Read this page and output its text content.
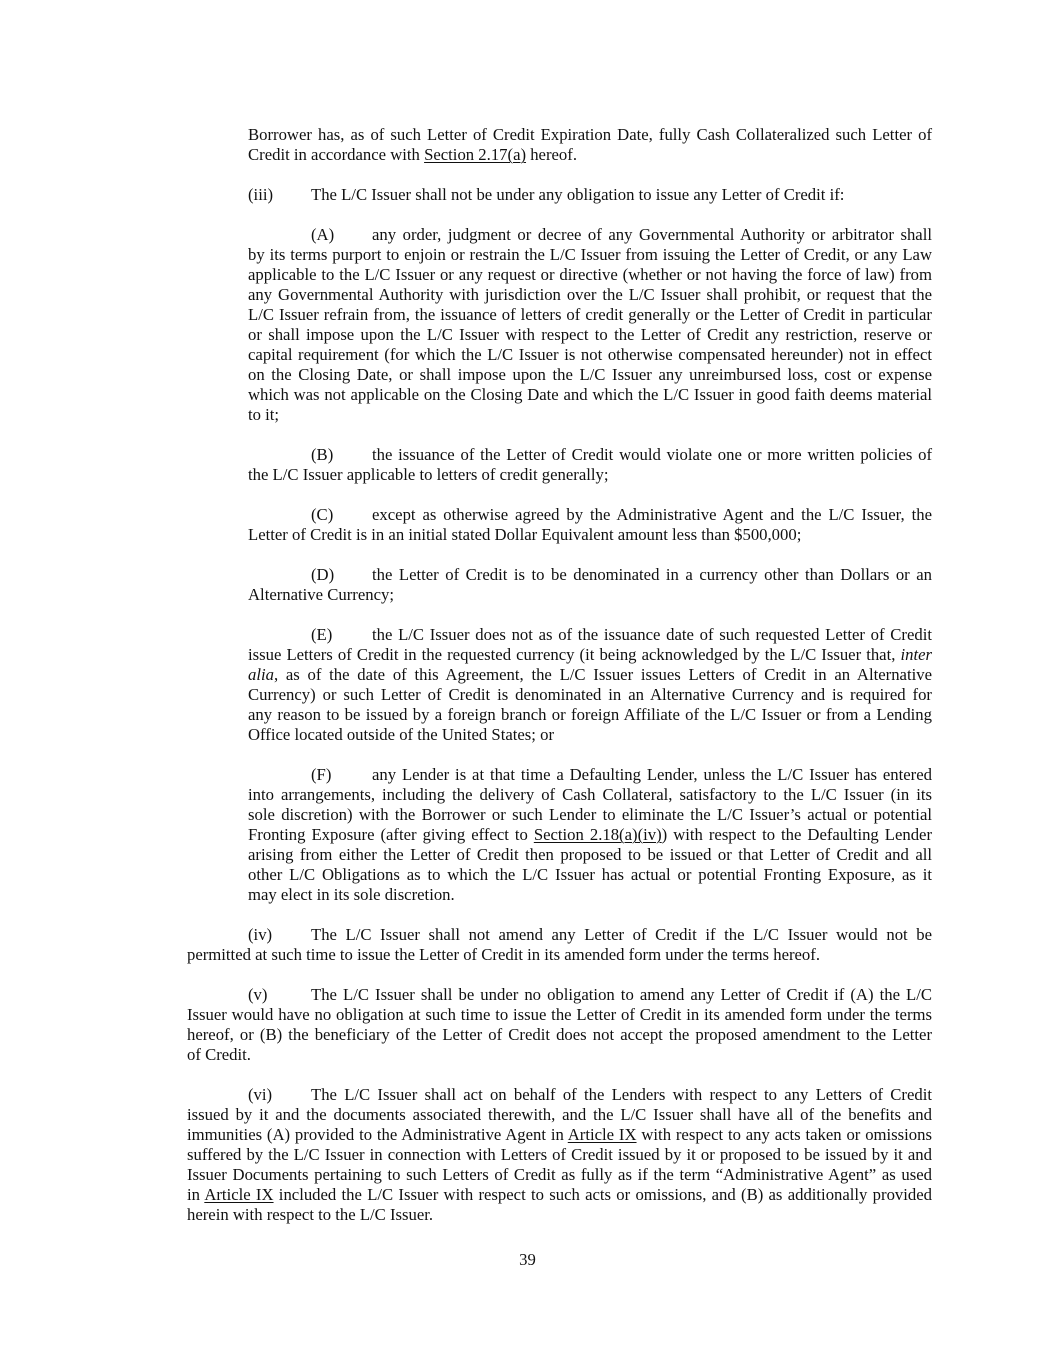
Borrower has, as of such Letter of Credit Expiration Date, fully Cash Collateralized such Letter of
Credit in accordance with Section 2.17(a) hereof.
(iii) The L/C Issuer shall not be under any obligation to issue any Letter of Credit if:
(A) any order, judgment or decree of any Governmental Authority or arbitrator shall
by its terms purport to enjoin or restrain the L/C Issuer from issuing the Letter of Credit, or any Law
applicable to the L/C Issuer or any request or directive (whether or not having the force of law) from
any Governmental Authority with jurisdiction over the L/C Issuer shall prohibit, or request that the
L/C Issuer refrain from, the issuance of letters of credit generally or the Letter of Credit in particular
or shall impose upon the L/C Issuer with respect to the Letter of Credit any restriction, reserve or
capital requirement (for which the L/C Issuer is not otherwise compensated hereunder) not in effect
on the Closing Date, or shall impose upon the L/C Issuer any unreimbursed loss, cost or expense
which was not applicable on the Closing Date and which the L/C Issuer in good faith deems material
to it;
(B) the issuance of the Letter of Credit would violate one or more written policies of
the L/C Issuer applicable to letters of credit generally;
(C) except as otherwise agreed by the Administrative Agent and the L/C Issuer, the
Letter of Credit is in an initial stated Dollar Equivalent amount less than $500,000;
(D) the Letter of Credit is to be denominated in a currency other than Dollars or an
Alternative Currency;
(E) the L/C Issuer does not as of the issuance date of such requested Letter of Credit
issue Letters of Credit in the requested currency (it being acknowledged by the L/C Issuer that, inter
alia, as of the date of this Agreement, the L/C Issuer issues Letters of Credit in an Alternative
Currency) or such Letter of Credit is denominated in an Alternative Currency and is required for
any reason to be issued by a foreign branch or foreign Affiliate of the L/C Issuer or from a Lending
Office located outside of the United States; or
(F) any Lender is at that time a Defaulting Lender, unless the L/C Issuer has entered
into arrangements, including the delivery of Cash Collateral, satisfactory to the L/C Issuer (in its
sole discretion) with the Borrower or such Lender to eliminate the L/C Issuer’s actual or potential
Fronting Exposure (after giving effect to Section 2.18(a)(iv)) with respect to the Defaulting Lender
arising from either the Letter of Credit then proposed to be issued or that Letter of Credit and all
other L/C Obligations as to which the L/C Issuer has actual or potential Fronting Exposure, as it
may elect in its sole discretion.
(iv) The L/C Issuer shall not amend any Letter of Credit if the L/C Issuer would not be
permitted at such time to issue the Letter of Credit in its amended form under the terms hereof.
(v)	The L/C Issuer shall be under no obligation to amend any Letter of Credit if (A) the L/C
Issuer would have no obligation at such time to issue the Letter of Credit in its amended form under the terms
hereof, or (B) the beneficiary of the Letter of Credit does not accept the proposed amendment to the Letter
of Credit.
(vi) The L/C Issuer shall act on behalf of the Lenders with respect to any Letters of Credit
issued by it and the documents associated therewith, and the L/C Issuer shall have all of the benefits and
immunities (A) provided to the Administrative Agent in Article IX with respect to any acts taken or omissions
suffered by the L/C Issuer in connection with Letters of Credit issued by it or proposed to be issued by it and
Issuer Documents pertaining to such Letters of Credit as fully as if the term “Administrative Agent” as used
in Article IX included the L/C Issuer with respect to such acts or omissions, and (B) as additionally provided
herein with respect to the L/C Issuer.
39
